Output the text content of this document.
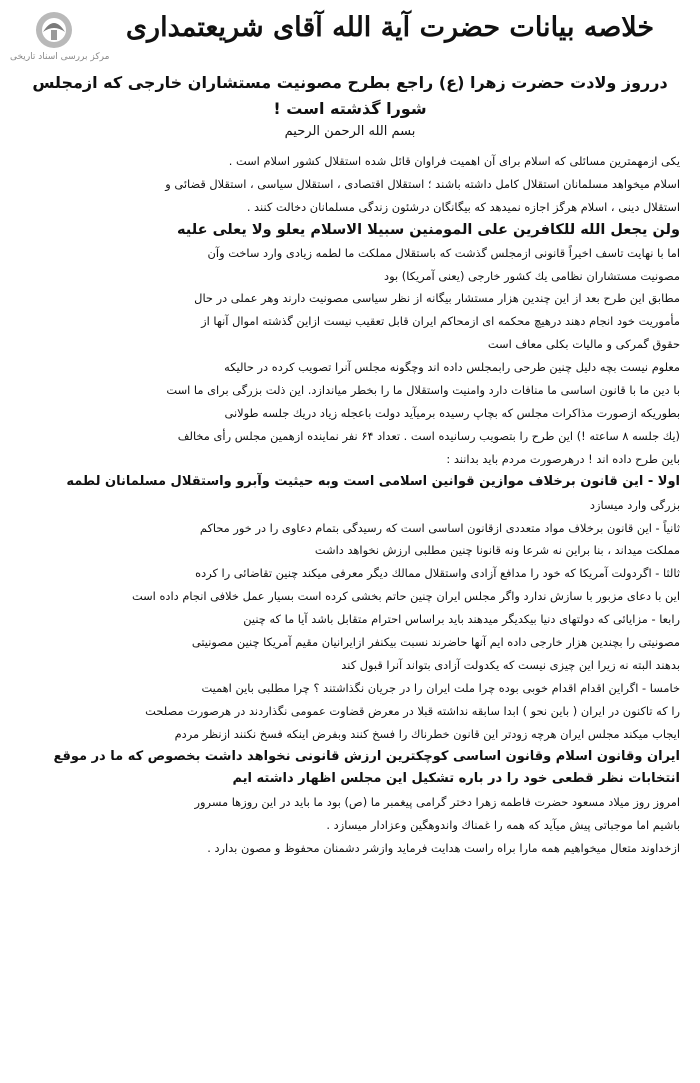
مرکز بررسی اسناد تاریخی
خلاصه بیانات حضرت آیة الله آقای شریعتمداری
درروز ولادت حضرت زهرا (ع) راجع بطرح مصونیت مستشاران خارجی که ازمجلس شورا گذشته است !
بسم الله الرحمن الرحیم
یکی ازمهمترین مسائلی که اسلام برای آن اهمیت فراوان قائل شده استقلال کشور اسلام است .
اسلام میخواهد مسلمانان استقلال کامل داشته باشند ؛ استقلال اقتصادی ، استقلال سیاسی ، استقلال قضائی و
استقلال دینی ، اسلام هرگز اجازه نمیدهد که بیگانگان درشئون زندگی مسلمانان دخالت کنند .
ولن یجعل الله للکافرین علی المومنین سبیلا الاسلام یعلو ولا یعلی علیه
اما با نهایت تاسف اخیراً قانونی ازمجلس گذشت که باستقلال مملکت ما لطمه زیادی وارد ساخت وآن
مصونیت مستشاران نظامی یك کشور خارجی (یعنی آمریکا) بود
مطابق این طرح بعد از این چندین هزار مستشار بیگانه از نظر سیاسی مصونیت دارند وهر عملی در حال
مأموریت خود انجام دهند درهیچ محکمه ای ازمحاکم ایران قابل تعقیب نیست ازاین گذشته اموال آنها از
حقوق گمرکی و مالیات بکلی معاف است
معلوم نیست بچه دلیل چنین طرحی رابمجلس داده اند وچگونه مجلس آنرا تصویب کرده در حالیکه
با دین ما با قانون اساسی ما منافات دارد وامنیت واستقلال ما را بخطر میاندازد. این ذلت بزرگی برای ما است
بطوریکه ازصورت مذاکرات مجلس که بچاپ رسیده برمیآید دولت باعجله زیاد دریك جلسه طولانی
(یك جلسه ۸ ساعته !) این طرح را بتصویب رسانیده است . تعداد ۶۴ نفر نماینده ازهمین مجلس رأی مخالف
باین طرح داده اند ! درهرصورت مردم باید بدانند :
اولا - این قانون برخلاف موازین قوانین اسلامی است وبه حیثیت وآبرو واستقلال مسلمانان لطمه
بزرگی وارد میسازد
ثانیاً - این قانون برخلاف مواد متعددی ازقانون اساسی است که رسیدگی بتمام دعاوی را در خور محاکم
مملکت میداند ، بنا براین نه شرعا ونه قانونا چنین مطلبی ارزش نخواهد داشت
ثالثا - اگردولت آمریکا که خود را مدافع آزادی واستقلال ممالك دیگر معرفی میکند چنین تقاضائی را کرده
این با دعای مزبور با سازش ندارد واگر مجلس ایران چنین حاتم بخشی کرده است بسیار عمل خلافی انجام داده است
رابعا - مزایائی که دولتهای دنیا بیکدیگر میدهند باید براساس احترام متقابل باشد آیا ما که چنین
مصونیتی را بچندین هزار خارجی داده ایم آنها حاضرند نسبت بیکنفر ازایرانیان مقیم آمریکا چنین مصونیتی
بدهند البته نه زیرا این چیزی نیست که یکدولت آزادی بتواند آنرا قبول کند
خامسا - اگراین اقدام اقدام خوبی بوده چرا ملت ایران را در جریان نگذاشتند ؟ چرا مطلبی باین اهمیت
را که تاکنون در ایران ( باین نحو ) ابدا سابقه نداشته قبلا در معرض قضاوت عمومی نگذاردند در هرصورت مصلحت
ایجاب میکند مجلس ایران هرچه زودتر این قانون خطرناك را فسخ کنند وبفرض اینکه فسخ نکنند ازنظر مردم
ایران وقانون اسلام وقانون اساسی کوچکترین ارزش قانونی نخواهد داشت بخصوص که ما در موقع
انتخابات نظر قطعی خود را در باره تشکیل این مجلس اظهار داشته ایم
امروز روز میلاد مسعود حضرت فاطمه زهرا دختر گرامی پیغمبر ما (ص) بود ما باید در این روزها مسرور
باشیم اما موجباتی پیش میآید که همه را غمناك واندوهگین وعزادار میسازد .
ازخداوند متعال میخواهیم همه مارا براه راست هدایت فرماید وازشر دشمنان محفوظ و مصون بدارد .
